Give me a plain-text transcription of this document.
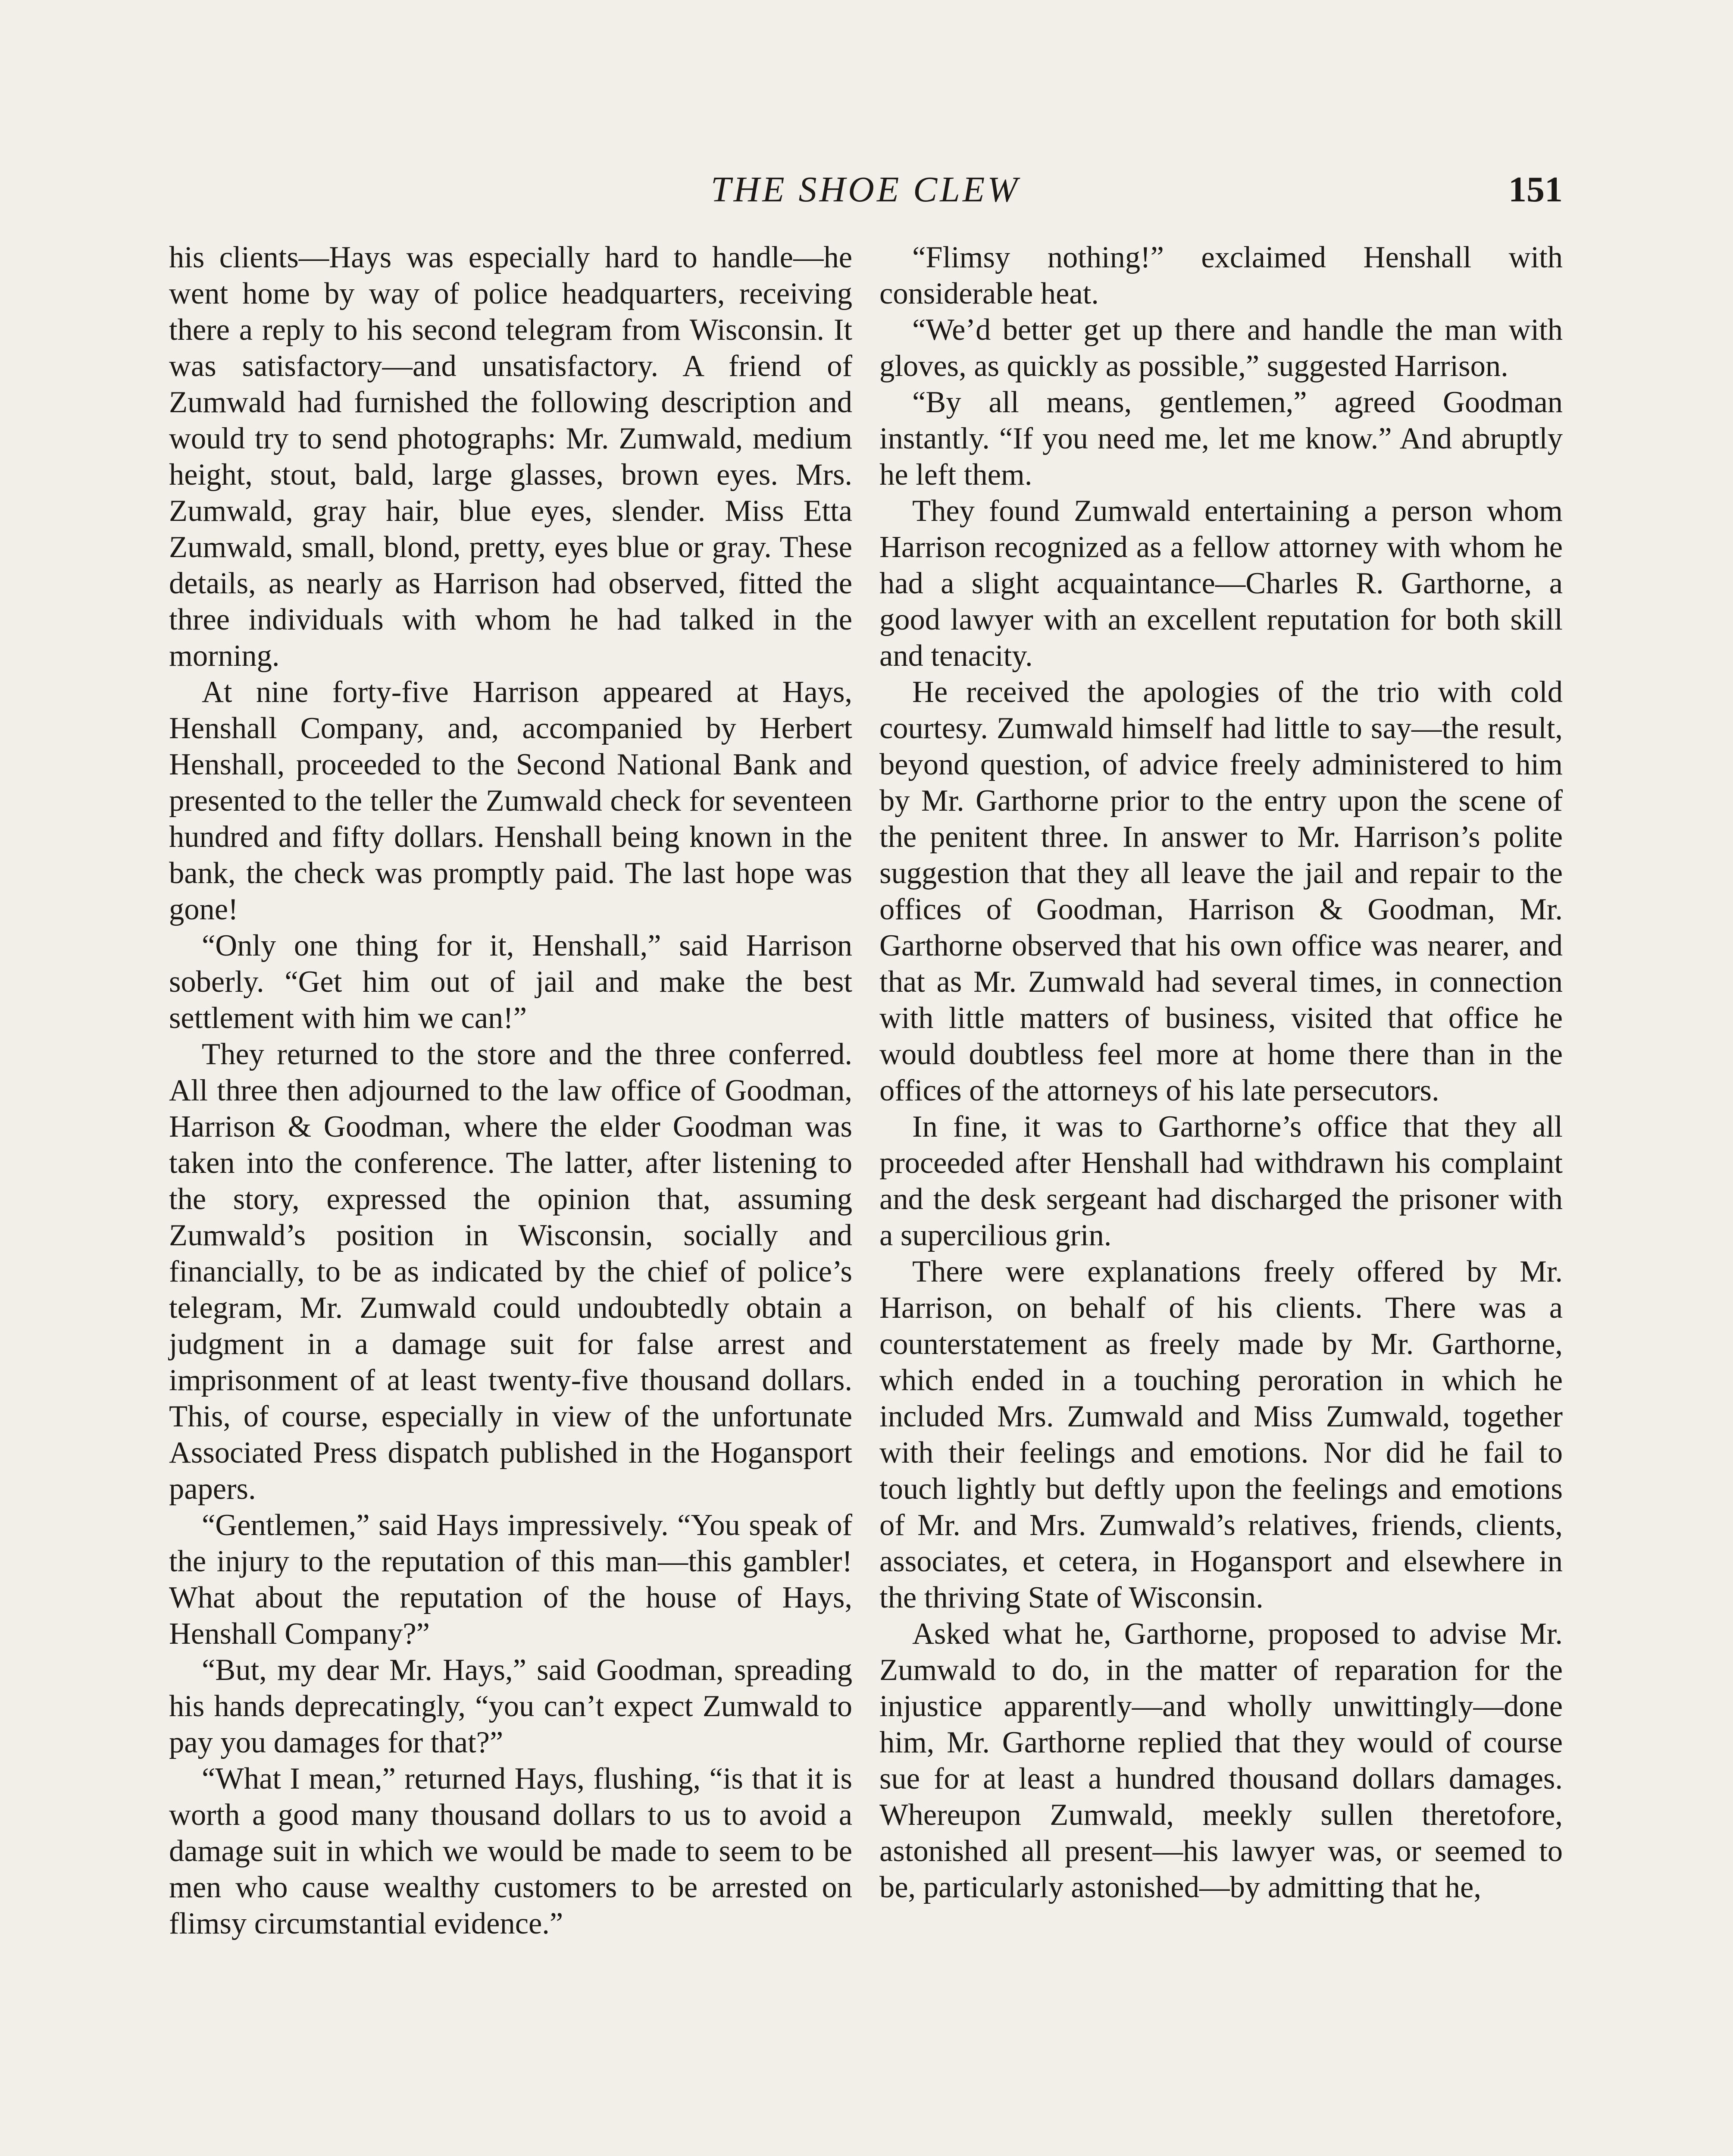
THE SHOE CLEW	151

his clients—Hays was especially hard to handle—he went home by way of police headquarters, receiving there a reply to his second telegram from Wisconsin. It was satisfactory—and unsatisfactory. A friend of Zumwald had furnished the following description and would try to send photographs: Mr. Zumwald, medium height, stout, bald, large glasses, brown eyes. Mrs. Zumwald, gray hair, blue eyes, slender. Miss Etta Zumwald, small, blond, pretty, eyes blue or gray. These details, as nearly as Harrison had observed, fitted the three individuals with whom he had talked in the morning.

At nine forty-five Harrison appeared at Hays, Henshall Company, and, accompanied by Herbert Henshall, proceeded to the Second National Bank and presented to the teller the Zumwald check for seventeen hundred and fifty dollars. Henshall being known in the bank, the check was promptly paid. The last hope was gone!

“Only one thing for it, Henshall,” said Harrison soberly. “Get him out of jail and make the best settlement with him we can!”

They returned to the store and the three conferred. All three then adjourned to the law office of Goodman, Harrison & Goodman, where the elder Goodman was taken into the conference. The latter, after listening to the story, expressed the opinion that, assuming Zumwald’s position in Wisconsin, socially and financially, to be as indicated by the chief of police’s telegram, Mr. Zumwald could undoubtedly obtain a judgment in a damage suit for false arrest and imprisonment of at least twenty-five thousand dollars. This, of course, especially in view of the unfortunate Associated Press dispatch published in the Hogansport papers.

“Gentlemen,” said Hays impressively. “You speak of the injury to the reputation of this man—this gambler! What about the reputation of the house of Hays, Henshall Company?”

“But, my dear Mr. Hays,” said Goodman, spreading his hands deprecatingly, “you can’t expect Zumwald to pay you damages for that?”

“What I mean,” returned Hays, flushing, “is that it is worth a good many thousand dollars to us to avoid a damage suit in which we would be made to seem to be men who cause wealthy customers to be arrested on flimsy circumstantial evidence.”

“Flimsy nothing!” exclaimed Henshall with considerable heat.

“We’d better get up there and handle the man with gloves, as quickly as possible,” suggested Harrison.

“By all means, gentlemen,” agreed Goodman instantly. “If you need me, let me know.” And abruptly he left them.

They found Zumwald entertaining a person whom Harrison recognized as a fellow attorney with whom he had a slight acquaintance—Charles R. Garthorne, a good lawyer with an excellent reputation for both skill and tenacity.

He received the apologies of the trio with cold courtesy. Zumwald himself had little to say—the result, beyond question, of advice freely administered to him by Mr. Garthorne prior to the entry upon the scene of the penitent three. In answer to Mr. Harrison’s polite suggestion that they all leave the jail and repair to the offices of Goodman, Harrison & Goodman, Mr. Garthorne observed that his own office was nearer, and that as Mr. Zumwald had several times, in connection with little matters of business, visited that office he would doubtless feel more at home there than in the offices of the attorneys of his late persecutors.

In fine, it was to Garthorne’s office that they all proceeded after Henshall had withdrawn his complaint and the desk sergeant had discharged the prisoner with a supercilious grin.

There were explanations freely offered by Mr. Harrison, on behalf of his clients. There was a counterstatement as freely made by Mr. Garthorne, which ended in a touching peroration in which he included Mrs. Zumwald and Miss Zumwald, together with their feelings and emotions. Nor did he fail to touch lightly but deftly upon the feelings and emotions of Mr. and Mrs. Zumwald’s relatives, friends, clients, associates, et cetera, in Hogansport and elsewhere in the thriving State of Wisconsin.

Asked what he, Garthorne, proposed to advise Mr. Zumwald to do, in the matter of reparation for the injustice apparently—and wholly unwittingly—done him, Mr. Garthorne replied that they would of course sue for at least a hundred thousand dollars damages. Whereupon Zumwald, meekly sullen theretofore, astonished all present—his lawyer was, or seemed to be, particularly astonished—by admitting that he,
